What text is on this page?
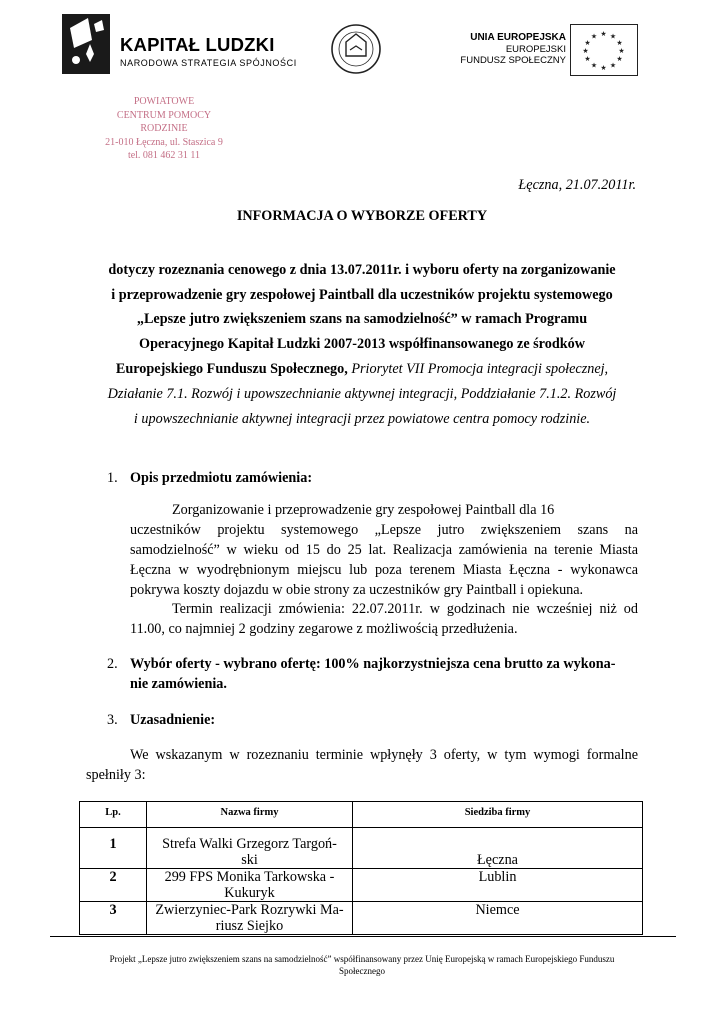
KAPITAŁ LUDZKI
NARODOWA STRATEGIA SPÓJNOŚCI
UNIA EUROPEJSKA
EUROPEJSKI
FUNDUSZ SPOŁECZNY
★ ★
★
★
★
★
★
★
★
★
★
★
POWIATOWE
CENTRUM POMOCY RODZINIE
21-010 Łęczna, ul. Staszica 9
tel. 081 462 31 11
Łęczna, 21.07.2011r.
INFORMACJA O WYBORZE OFERTY
dotyczy rozeznania cenowego z dnia 13.07.2011r. i wyboru oferty na zorganizowanie
i przeprowadzenie gry zespołowej Paintball dla uczestników projektu systemowego
„Lepsze jutro zwiększeniem szans na samodzielność” w ramach Programu
Operacyjnego Kapitał Ludzki 2007-2013 współfinansowanego ze środków
Europejskiego Funduszu Społecznego, Priorytet VII Promocja integracji społecznej,
Działanie 7.1. Rozwój i upowszechnianie aktywnej integracji, Poddziałanie 7.1.2. Rozwój
i upowszechnianie aktywnej integracji przez powiatowe centra pomocy rodzinie.
1. Opis przedmiotu zamówienia:
Zorganizowanie i przeprowadzenie gry zespołowej Paintball dla 16
uczestników projektu systemowego „Lepsze jutro zwiększeniem szans na
samodzielność” w wieku od 15 do 25 lat. Realizacja zamówienia na terenie Miasta
Łęczna w wyodrębnionym miejscu lub poza terenem Miasta Łęczna - wykonawca
pokrywa koszty dojazdu w obie strony za uczestników gry Paintball i opiekuna.
Termin realizacji zmówienia: 22.07.2011r. w godzinach nie wcześniej niż od
11.00, co najmniej 2 godziny zegarowe z możliwością przedłużenia.
2. Wybór oferty - wybrano ofertę: 100% najkorzystniejsza cena brutto za wykona-
nie zamówienia.
3. Uzasadnienie:
We wskazanym w rozeznaniu terminie wpłynęły 3 oferty, w tym wymogi formalne
spełniły 3:
Lp.	Nazwa firmy	Siedziba firmy
1	Strefa Walki Grzegorz Targoń-
ski	Łęczna
2	299 FPS Monika Tarkowska -
Kukuryk	Lublin
3	Zwierzyniec-Park Rozrywki Ma-
riusz Siejko	Niemce
Projekt „Lepsze jutro zwiększeniem szans na samodzielność” współfinansowany przez Unię Europejską w ramach Europejskiego Funduszu
Społecznego
